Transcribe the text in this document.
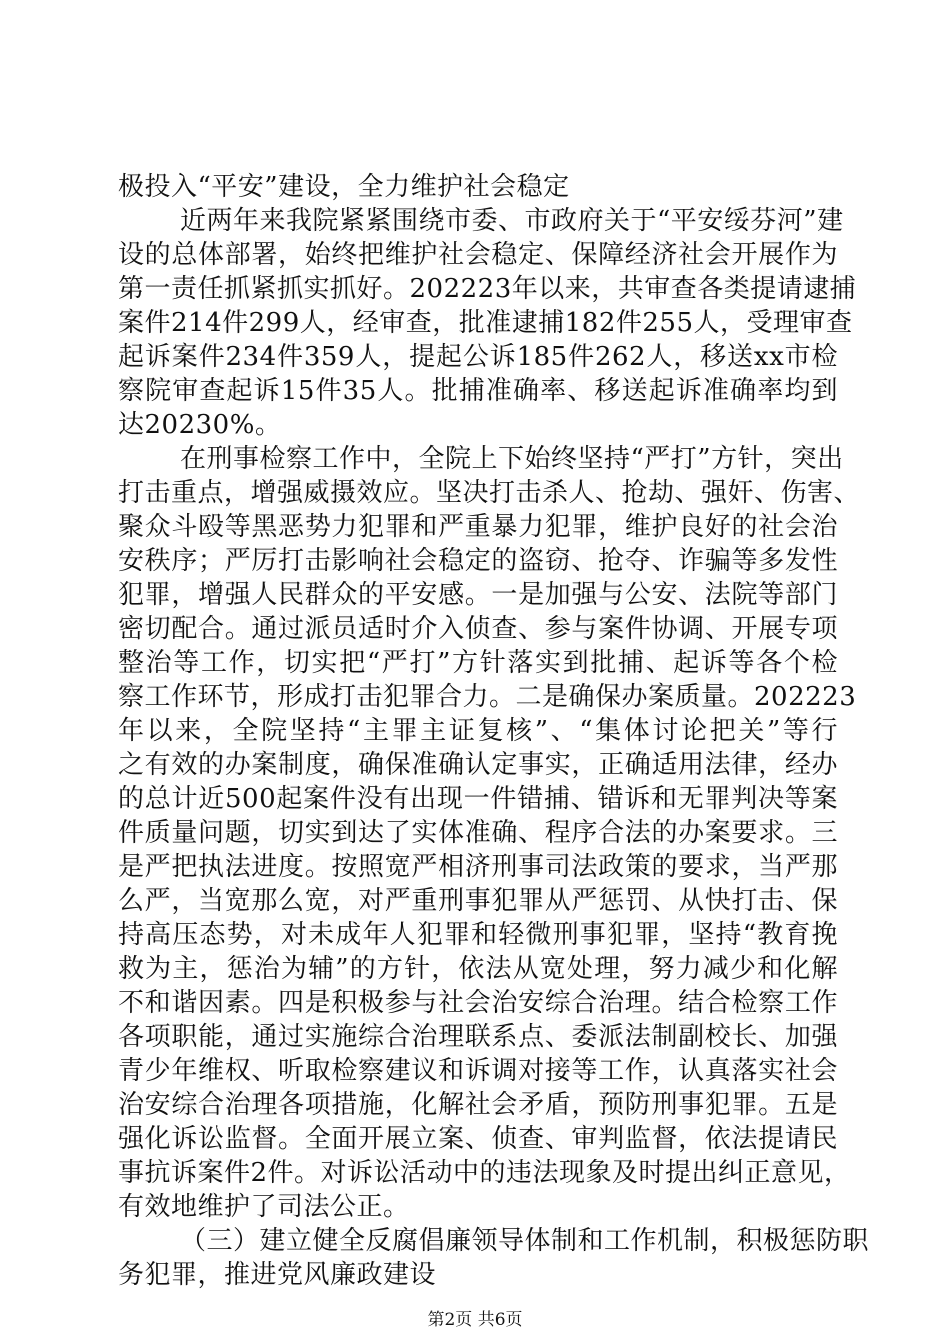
极投入“平安”建设，全力维护社会稳定
近两年来我院紧紧围绕市委、市政府关于“平安绥芬河”建
设的总体部署，始终把维护社会稳定、保障经济社会开展作为
第一责任抓紧抓实抓好。202223年以来，共审查各类提请逮捕
案件214件299人，经审查，批准逮捕182件255人，受理审查
起诉案件234件359人，提起公诉185件262人，移送xx市检
察院审查起诉15件35人。批捕准确率、移送起诉准确率均到
达20230%。
在刑事检察工作中，全院上下始终坚持“严打”方针，突出
打击重点，增强威摄效应。坚决打击杀人、抢劫、强奸、伤害、
聚众斗殴等黑恶势力犯罪和严重暴力犯罪，维护良好的社会治
安秩序；严厉打击影响社会稳定的盗窃、抢夺、诈骗等多发性
犯罪，增强人民群众的平安感。一是加强与公安、法院等部门
密切配合。通过派员适时介入侦查、参与案件协调、开展专项
整治等工作，切实把“严打”方针落实到批捕、起诉等各个检
察工作环节，形成打击犯罪合力。二是确保办案质量。202223
年以来，全院坚持“主罪主证复核”、“集体讨论把关”等行
之有效的办案制度，确保准确认定事实，正确适用法律，经办
的总计近500起案件没有出现一件错捕、错诉和无罪判决等案
件质量问题，切实到达了实体准确、程序合法的办案要求。三
是严把执法进度。按照宽严相济刑事司法政策的要求，当严那
么严，当宽那么宽，对严重刑事犯罪从严惩罚、从快打击、保
持高压态势，对未成年人犯罪和轻微刑事犯罪，坚持“教育挽
救为主，惩治为辅”的方针，依法从宽处理，努力减少和化解
不和谐因素。四是积极参与社会治安综合治理。结合检察工作
各项职能，通过实施综合治理联系点、委派法制副校长、加强
青少年维权、听取检察建议和诉调对接等工作，认真落实社会
治安综合治理各项措施，化解社会矛盾，预防刑事犯罪。五是
强化诉讼监督。全面开展立案、侦查、审判监督，依法提请民
事抗诉案件2件。对诉讼活动中的违法现象及时提出纠正意见，
有效地维护了司法公正。
（三）建立健全反腐倡廉领导体制和工作机制，积极惩防职
务犯罪，推进党风廉政建设
第2页 共6页
